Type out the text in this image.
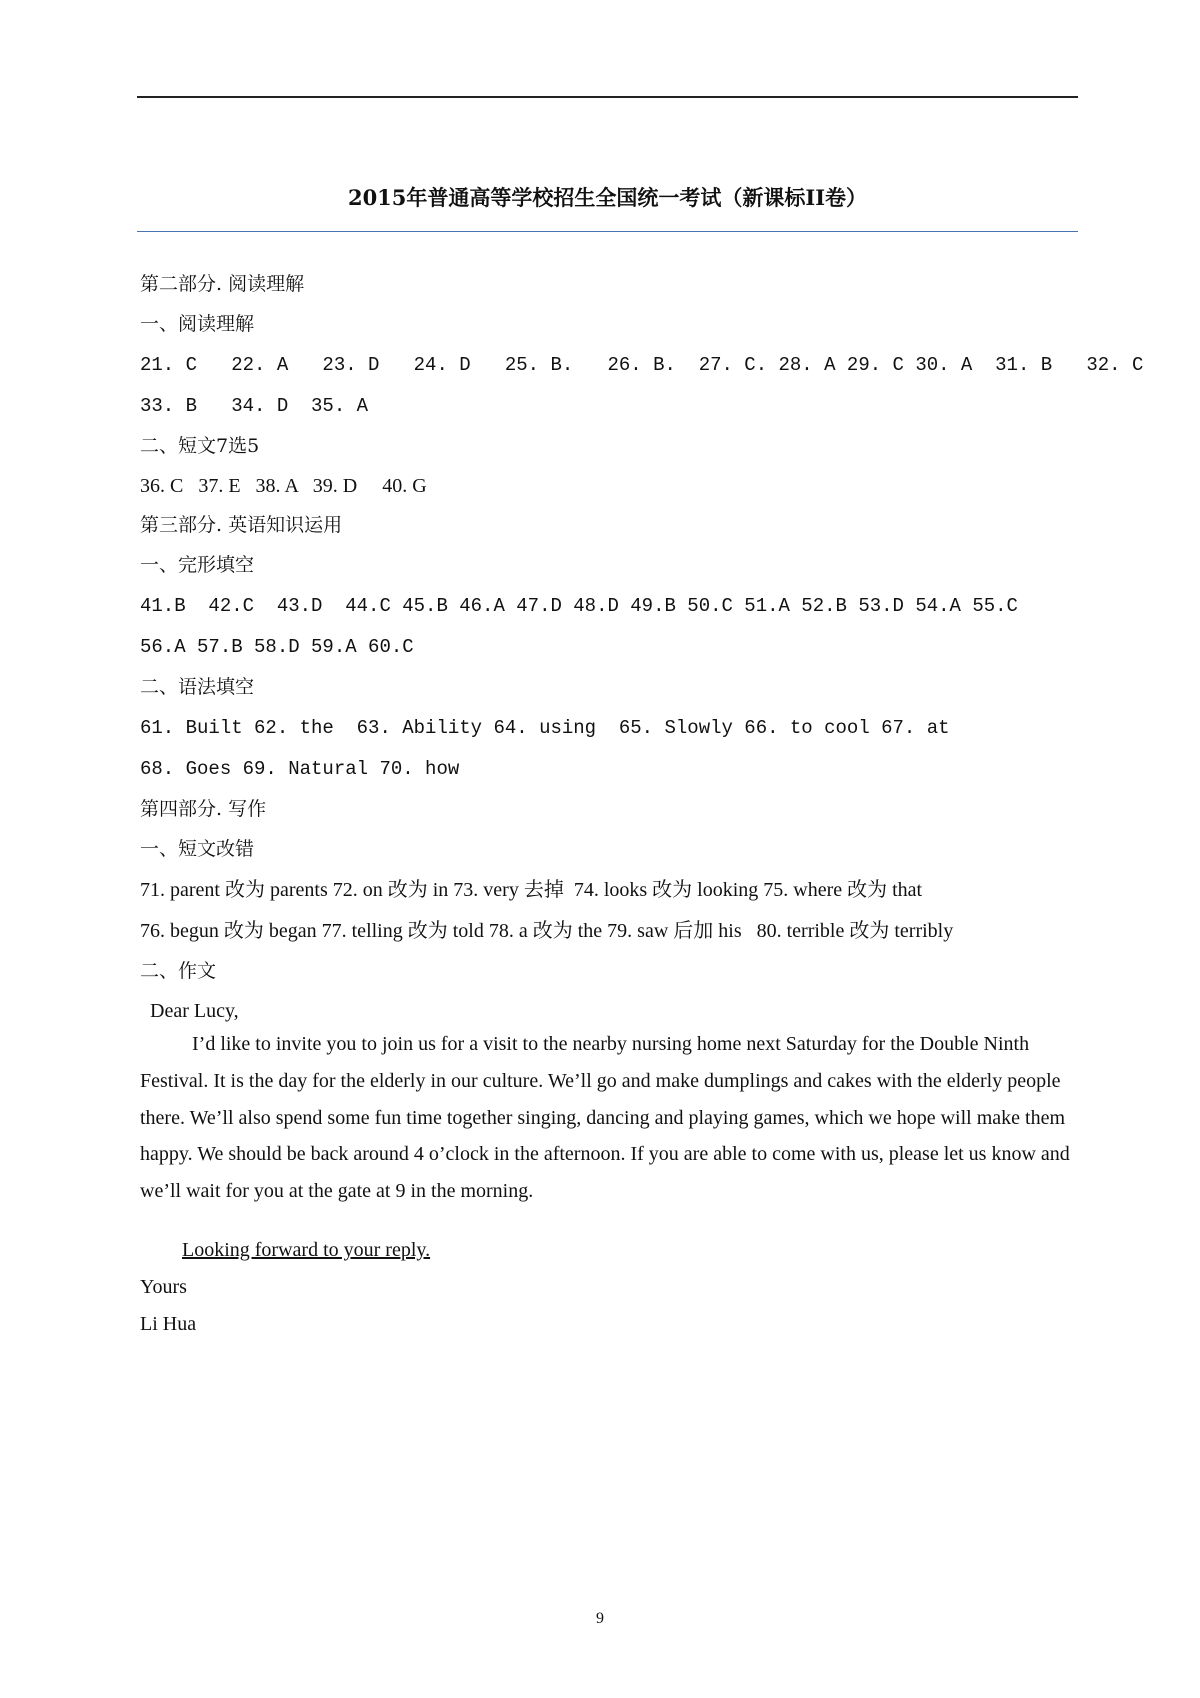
2015年普通高等学校招生全国统一考试（新课标II卷）
第二部分. 阅读理解
一、阅读理解
21. C   22. A   23. D   24. D   25. B.   26. B.  27. C. 28. A 29. C 30. A  31. B   32. C
33. B   34. D  35. A
二、短文7选5
36. C   37. E   38. A   39. D     40. G
第三部分. 英语知识运用
一、完形填空
41.B  42.C  43.D  44.C 45.B 46.A 47.D 48.D 49.B 50.C 51.A 52.B 53.D 54.A 55.C
56.A 57.B 58.D 59.A 60.C
二、语法填空
61. Built 62. the  63. Ability 64. using  65. Slowly 66. to cool 67. at
68. Goes 69. Natural 70. how
第四部分. 写作
一、短文改错
71. parent 改为 parents 72. on 改为 in 73. very 去掉  74. looks 改为 looking 75. where 改为 that
76. begun 改为 began 77. telling 改为 told 78. a 改为 the 79. saw 后加 his   80. terrible 改为 terribly
二、作文
Dear Lucy,
I’d like to invite you to join us for a visit to the nearby nursing home next Saturday for the Double Ninth Festival. It is the day for the elderly in our culture. We’ll go and make dumplings and cakes with the elderly people there. We’ll also spend some fun time together singing, dancing and playing games, which we hope will make them happy. We should be back around 4 o’clock in the afternoon. If you are able to come with us, please let us know and we’ll wait for you at the gate at 9 in the morning.
Looking forward to your reply.
Yours
Li Hua
9
